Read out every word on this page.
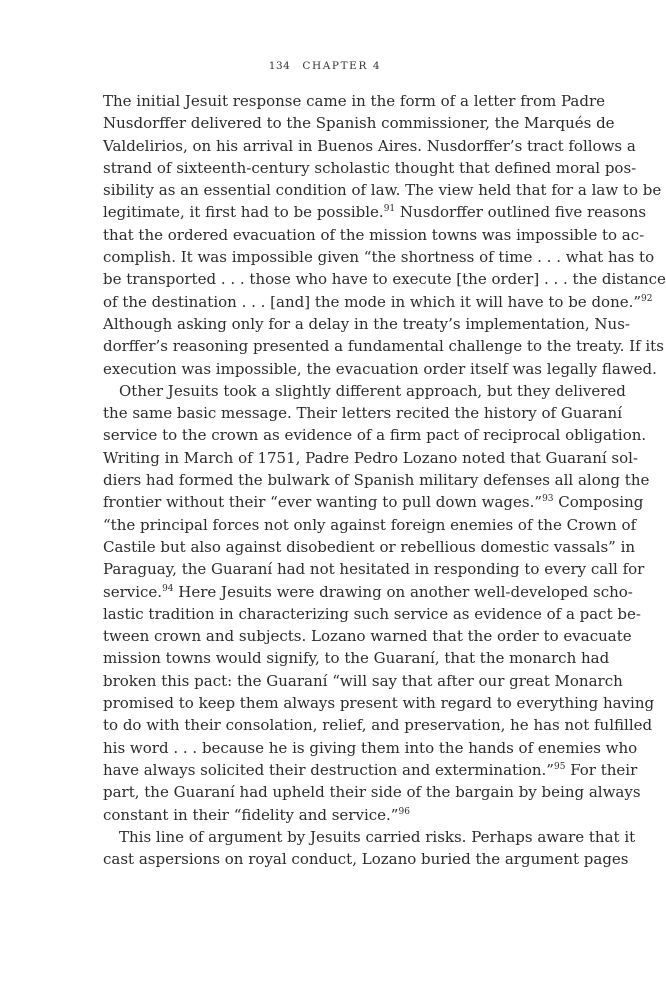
134 CHAPTER 4
The initial Jesuit response came in the form of a letter from Padre
Nusdorffer delivered to the Spanish commissioner, the Marqués de
Valdelirios, on his arrival in Buenos Aires. Nusdorffer’s tract follows a
strand of sixteenth-century scholastic thought that defined moral pos-
sibility as an essential condition of law. The view held that for a law to be
legitimate, it first had to be possible.$^{91}$ Nusdorffer outlined five reasons
that the ordered evacuation of the mission towns was impossible to ac-
complish. It was impossible given “the shortness of time . . . what has to
be transported . . . those who have to execute [the order] . . . the distance
of the destination . . . [and] the mode in which it will have to be done.”$^{92}$
Although asking only for a delay in the treaty’s implementation, Nus-
dorffer’s reasoning presented a fundamental challenge to the treaty. If its
execution was impossible, the evacuation order itself was legally flawed.
Other Jesuits took a slightly different approach, but they delivered
the same basic message. Their letters recited the history of Guaraní
service to the crown as evidence of a firm pact of reciprocal obligation.
Writing in March of 1751, Padre Pedro Lozano noted that Guaraní sol-
diers had formed the bulwark of Spanish military defenses all along the
frontier without their “ever wanting to pull down wages.”$^{93}$ Composing
“the principal forces not only against foreign enemies of the Crown of
Castile but also against disobedient or rebellious domestic vassals” in
Paraguay, the Guaraní had not hesitated in responding to every call for
service.$^{94}$ Here Jesuits were drawing on another well-developed scho-
lastic tradition in characterizing such service as evidence of a pact be-
tween crown and subjects. Lozano warned that the order to evacuate
mission towns would signify, to the Guaraní, that the monarch had
broken this pact: the Guaraní “will say that after our great Monarch
promised to keep them always present with regard to everything having
to do with their consolation, relief, and preservation, he has not fulfilled
his word . . . because he is giving them into the hands of enemies who
have always solicited their destruction and extermination.”$^{95}$ For their
part, the Guaraní had upheld their side of the bargain by being always
constant in their “fidelity and service.”$^{96}$
This line of argument by Jesuits carried risks. Perhaps aware that it
cast aspersions on royal conduct, Lozano buried the argument pages
